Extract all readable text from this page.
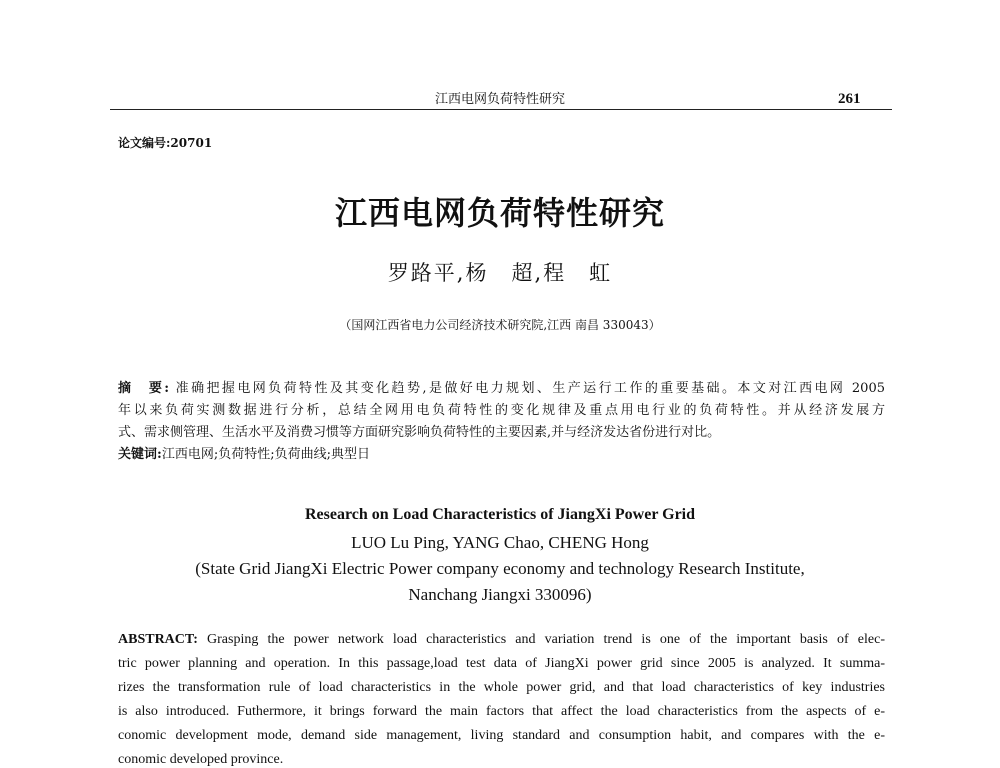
江西电网负荷特性研究	261
论文编号:20701
江西电网负荷特性研究
罗路平,杨　超,程　虹
（国网江西省电力公司经济技术研究院,江西 南昌 330043）
摘　要: 准确把握电网负荷特性及其变化趋势,是做好电力规划、生产运行工作的重要基础。本文对江西电网 2005
年以来负荷实测数据进行分析，总结全网用电负荷特性的变化规律及重点用电行业的负荷特性。并从经济发展方
式、需求侧管理、生活水平及消费习惯等方面研究影响负荷特性的主要因素,并与经济发达省份进行对比。
关键词:江西电网;负荷特性;负荷曲线;典型日
Research on Load Characteristics of JiangXi Power Grid
LUO Lu Ping, YANG Chao, CHENG Hong
(State Grid JiangXi Electric Power company economy and technology Research Institute,
Nanchang Jiangxi 330096)
ABSTRACT: Grasping the power network load characteristics and variation trend is one of the important basis of elec-
tric power planning and operation. In this passage,load test data of JiangXi power grid since 2005 is analyzed. It summa-
rizes the transformation rule of load characteristics in the whole power grid, and that load characteristics of key industries
is also introduced. Futhermore, it brings forward the main factors that affect the load characteristics from the aspects of e-
conomic development mode, demand side management, living standard and consumption habit, and compares with the e-
conomic developed province.
